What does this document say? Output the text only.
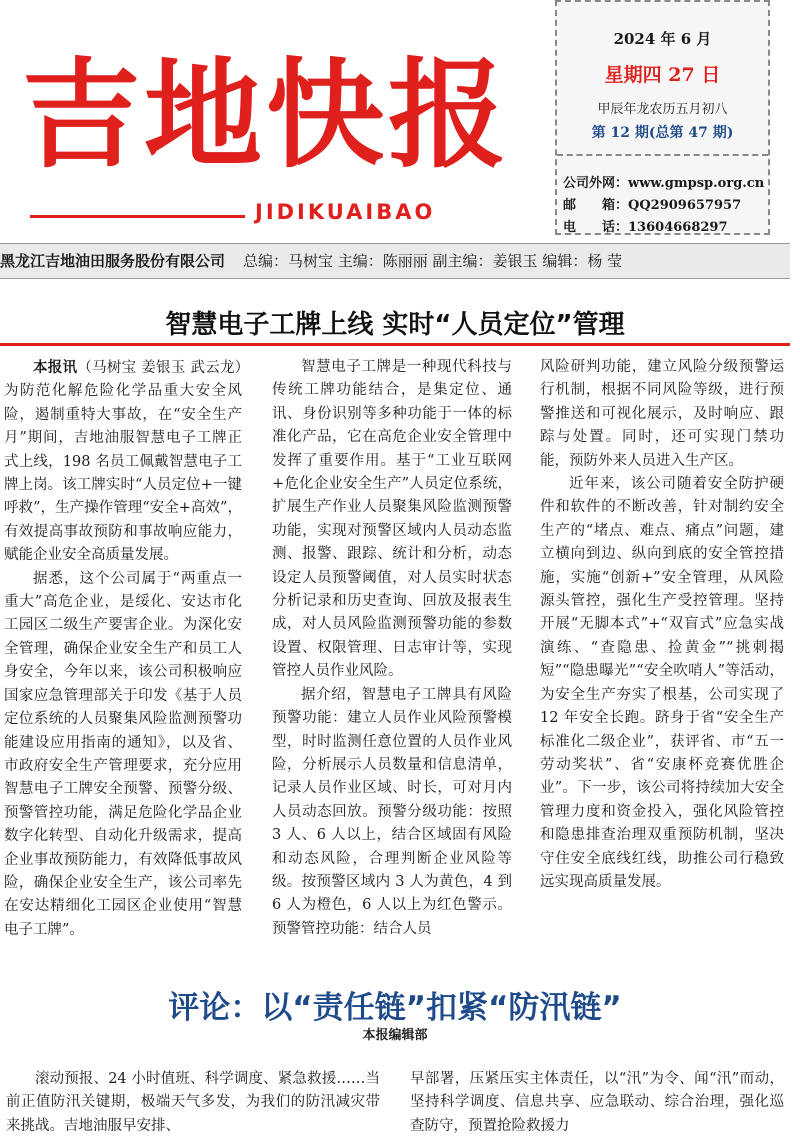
吉地快报
JIDIKUAIBAO
2024 年 6 月
星期四 27 日
甲辰年龙农历五月初八
第 12 期(总第 47 期)
公司外网：www.gmpsp.org.cn
邮　　箱：QQ2909657957
电　　话：13604668297
黑龙江吉地油田服务股份有限公司 总编：马树宝 主编：陈丽丽 副主编：姜银玉 编辑：杨 莹
智慧电子工牌上线 实时“人员定位”管理

本报讯（马树宝 姜银玉 武云龙）为防范化解危险化学品重大安全风险，遏制重特大事故，在“安全生产月”期间，吉地油服智慧电子工牌正式上线，198 名员工佩戴智慧电子工牌上岗。该工牌实时“人员定位+一键呼救”，生产操作管理“安全+高效”，有效提高事故预防和事故响应能力，赋能企业安全高质量发展。

据悉，这个公司属于“两重点一重大”高危企业，是绥化、安达市化工园区二级生产要害企业。为深化安全管理，确保企业安全生产和员工人身安全，今年以来，该公司积极响应国家应急管理部关于印发《基于人员定位系统的人员聚集风险监测预警功能建设应用指南的通知》，以及省、市政府安全生产管理要求，充分应用智慧电子工牌安全预警、预警分级、预警管控功能，满足危险化学品企业数字化转型、自动化升级需求，提高企业事故预防能力，有效降低事故风险，确保企业安全生产，该公司率先在安达精细化工园区企业使用“智慧电子工牌”。

智慧电子工牌是一种现代科技与传统工牌功能结合，是集定位、通讯、身份识别等多种功能于一体的标准化产品，它在高危企业安全管理中发挥了重要作用。基于“工业互联网+危化企业安全生产”人员定位系统，扩展生产作业人员聚集风险监测预警功能，实现对预警区域内人员动态监测、报警、跟踪、统计和分析，动态设定人员预警阈值，对人员实时状态分析记录和历史查询、回放及报表生成，对人员风险监测预警功能的参数设置、权限管理、日志审计等，实现管控人员作业风险。

据介绍，智慧电子工牌具有风险预警功能：建立人员作业风险预警模型，时时监测任意位置的人员作业风险，分析展示人员数量和信息清单，记录人员作业区域、时长，可对月内人员动态回放。预警分级功能：按照 3 人、6 人以上，结合区域固有风险和动态风险，合理判断企业风险等级。按预警区域内 3 人为黄色，4 到 6 人为橙色，6 人以上为红色警示。预警管控功能：结合人员

风险研判功能，建立风险分级预警运行机制，根据不同风险等级，进行预警推送和可视化展示，及时响应、跟踪与处置。同时，还可实现门禁功能，预防外来人员进入生产区。

近年来，该公司随着安全防护硬件和软件的不断改善，针对制约安全生产的“堵点、难点、痛点”问题，建立横向到边、纵向到底的安全管控措施，实施“创新+”安全管理，从风险源头管控，强化生产受控管理。坚持开展“无脚本式”+“双盲式”应急实战演练、“查隐患、捡黄金”“挑刺揭短”“隐患曝光”“安全吹哨人”等活动，为安全生产夯实了根基，公司实现了 12 年安全长跑。跻身于省“安全生产标准化二级企业”，获评省、市“五一劳动奖状”、省“安康杯竞赛优胜企业”。下一步，该公司将持续加大安全管理力度和资金投入，强化风险管控和隐患排查治理双重预防机制，坚决守住安全底线红线，助推公司行稳致远实现高质量发展。

评论：以“责任链”扣紧“防汛链”
本报编辑部

滚动预报、24 小时值班、科学调度、紧急救援……当前正值防汛关键期，极端天气多发，为我们的防汛减灾带来挑战。吉地油服早安排、

早部署，压紧压实主体责任，以“汛”为令、闻“汛”而动，坚持科学调度、信息共享、应急联动、综合治理，强化巡查防守，预置抢险救援力
